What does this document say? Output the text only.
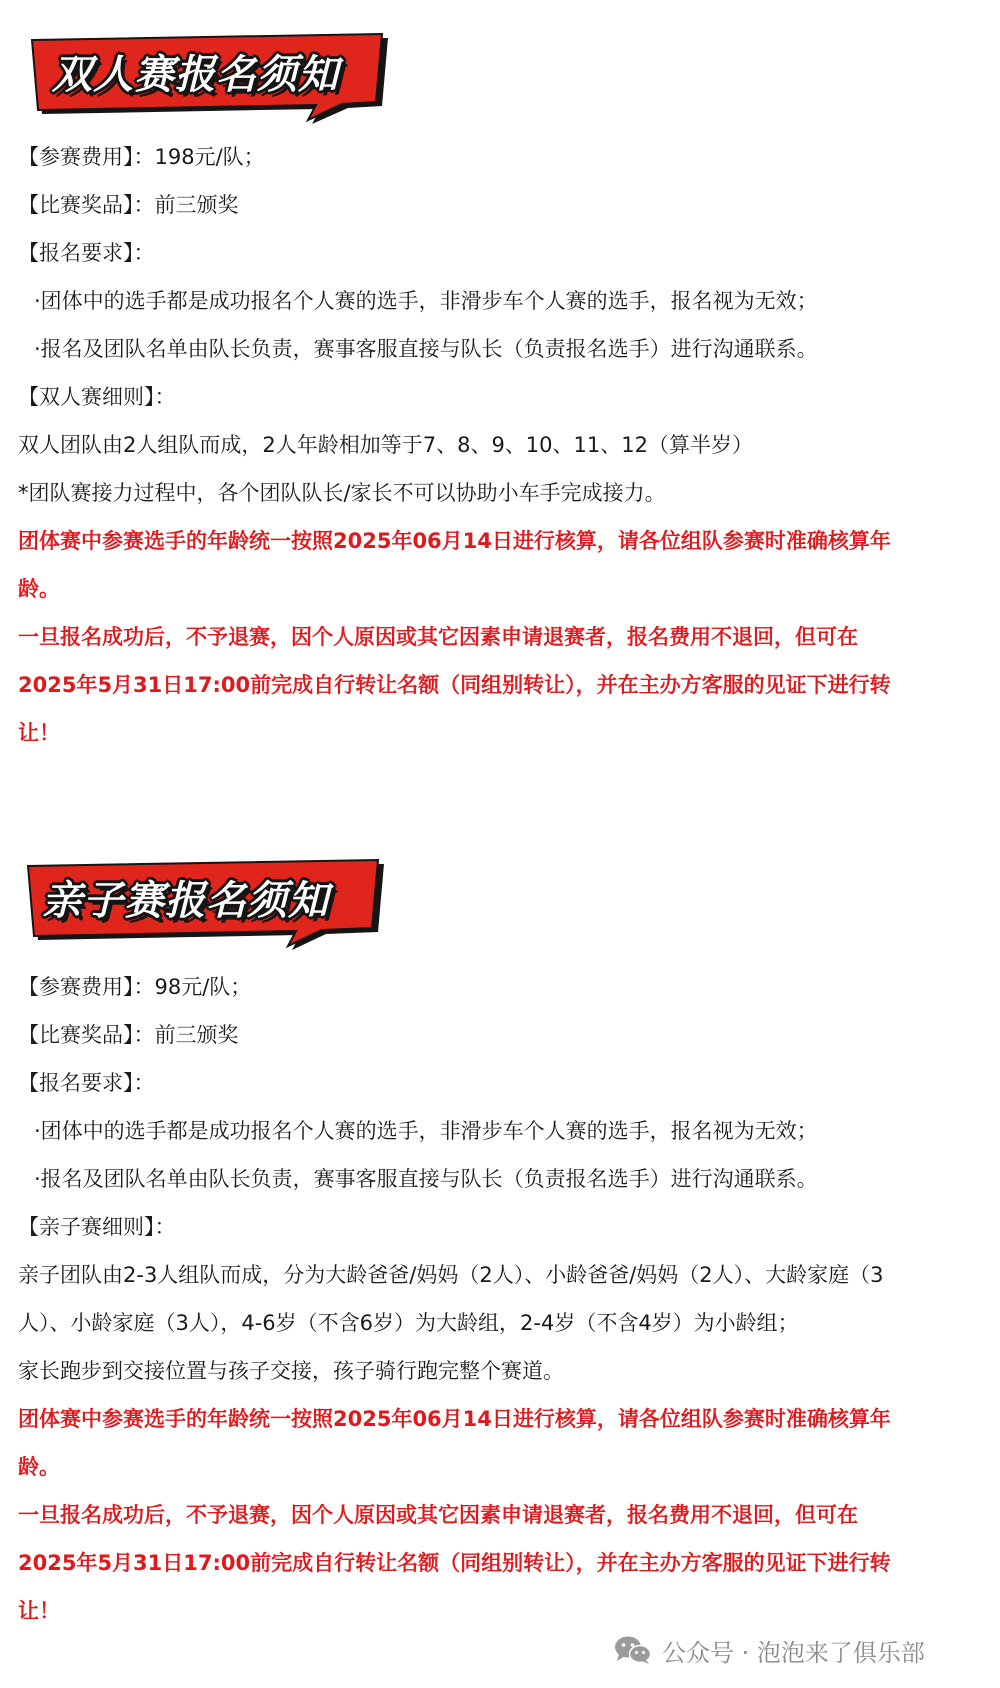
双人赛报名须知
【参赛费用】：198元/队；
【比赛奖品】：前三颁奖
【报名要求】：
·团体中的选手都是成功报名个人赛的选手，非滑步车个人赛的选手，报名视为无效；
·报名及团队名单由队长负责，赛事客服直接与队长（负责报名选手）进行沟通联系。
【双人赛细则】：
双人团队由2人组队而成，2人年龄相加等于7、8、9、10、11、12（算半岁）
*团队赛接力过程中，各个团队队长/家长不可以协助小车手完成接力。
团体赛中参赛选手的年龄统一按照2025年06月14日进行核算，请各位组队参赛时准确核算年
龄。
一旦报名成功后，不予退赛，因个人原因或其它因素申请退赛者，报名费用不退回，但可在
2025年5月31日17:00前完成自行转让名额（同组别转让），并在主办方客服的见证下进行转
让！
亲子赛报名须知
【参赛费用】：98元/队；
【比赛奖品】：前三颁奖
【报名要求】：
·团体中的选手都是成功报名个人赛的选手，非滑步车个人赛的选手，报名视为无效；
·报名及团队名单由队长负责，赛事客服直接与队长（负责报名选手）进行沟通联系。
【亲子赛细则】：
亲子团队由2-3人组队而成，分为大龄爸爸/妈妈（2人）、小龄爸爸/妈妈（2人）、大龄家庭（3
人）、小龄家庭（3人），4-6岁（不含6岁）为大龄组，2-4岁（不含4岁）为小龄组；
家长跑步到交接位置与孩子交接，孩子骑行跑完整个赛道。
团体赛中参赛选手的年龄统一按照2025年06月14日进行核算，请各位组队参赛时准确核算年
龄。
一旦报名成功后，不予退赛，因个人原因或其它因素申请退赛者，报名费用不退回，但可在
2025年5月31日17:00前完成自行转让名额（同组别转让），并在主办方客服的见证下进行转
让！
公众号 · 泡泡来了俱乐部
